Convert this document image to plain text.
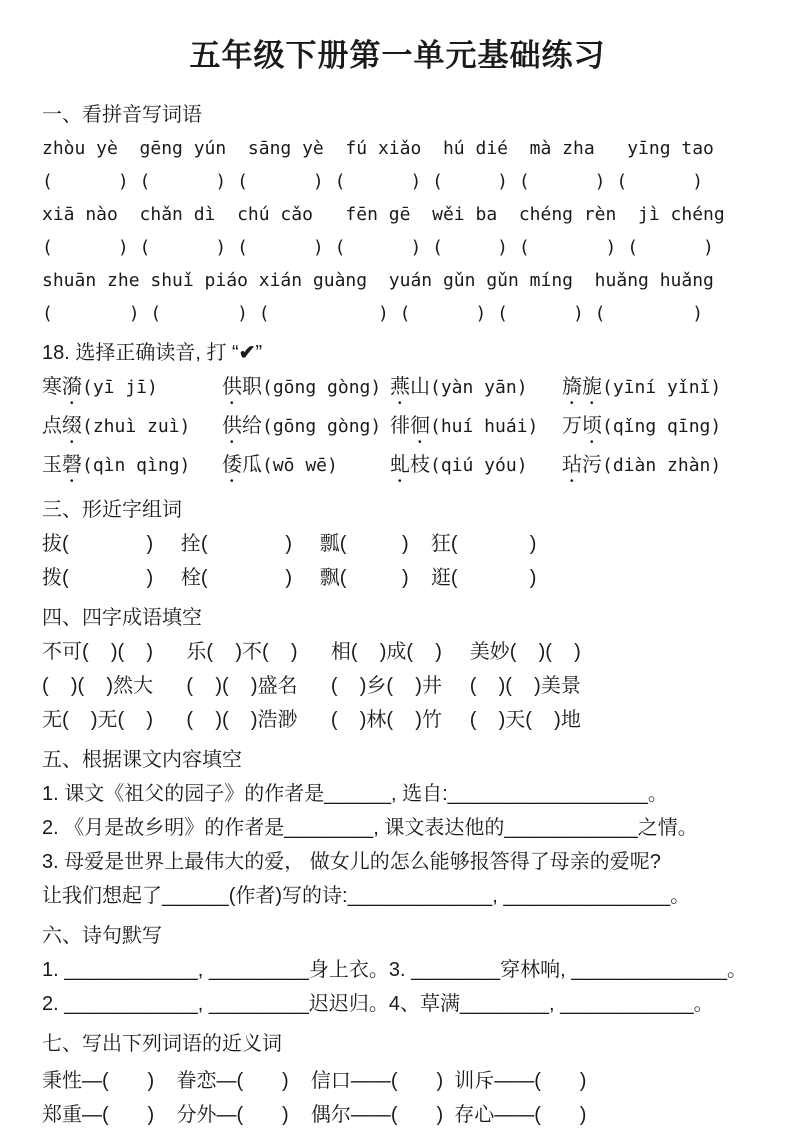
五年级下册第一单元基础练习
一、看拼音写词语
zhòu yè  gēng yún  sāng yè  fú xiǎo  hú dié  mà zha   yīng tao
(      ) (      ) (      ) (      ) (     ) (      ) (      )
xiā nào  chǎn dì  chú cǎo   fēn gē  wěi ba  chéng rèn  jì chéng
(      ) (      ) (      ) (      ) (     ) (       ) (      )
shuān zhe shuǐ piáo xián guàng  yuán gǔn gǔn míng  huǎng huǎng
(       ) (       ) (          ) (      ) (      ) (        )
18. 选择正确读音, 打 “✔”
寒漪(yī jī)	供职(gōng gòng) 燕山(yàn yān)	旖旎(yīní yǐnǐ)
点缀(zhuì zuì)	供给(gōng gòng) 徘徊(huí huái)	万顷(qǐng qīng)
玉磬(qìn qìng)	倭瓜(wō wē)	虬枝(qiú yóu)	玷污(diàn zhàn)
三、形近字组词
拔(              )     拴(              )     瓢(          )    狂(             )
拨(              )     栓(              )     飘(          )    逛(             )
四、四字成语填空
不可(    )(    )      乐(    )不(    )      相(    )成(    )     美妙(    )(    )
(    )(    )然大      (    )(    )盛名      (    )乡(    )井     (    )(    )美景
无(    )无(    )      (    )(    )浩渺      (    )林(    )竹     (    )天(    )地
五、根据课文内容填空
1. 课文《祖父的园子》的作者是______, 选自:__________________。
2. 《月是故乡明》的作者是________, 课文表达他的____________之情。
3. 母爱是世界上最伟大的爱， 做女儿的怎么能够报答得了母亲的爱呢?
让我们想起了______(作者)写的诗:_____________, _______________。
六、诗句默写
1. ____________, _________身上衣。3. ________穿林响, ______________。
2. ____________, _________迟迟归。4、草满________, ____________。
七、写出下列词语的近义词
秉性—(       )    眷恋—(       )    信口——(       )  训斥——(       )
郑重—(       )    分外—(       )    偶尔——(       )  存心——(       )
